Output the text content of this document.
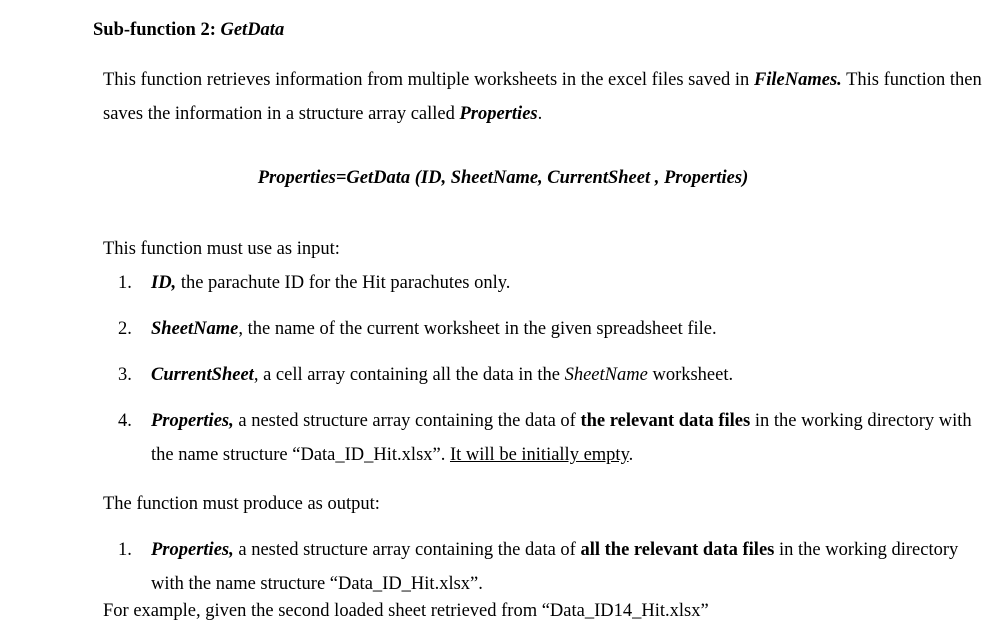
Sub-function 2: GetData
This function retrieves information from multiple worksheets in the excel files saved in FileNames. This function then saves the information in a structure array called Properties.
Properties=GetData (ID, SheetName, CurrentSheet , Properties)
This function must use as input:
1.	ID, the parachute ID for the Hit parachutes only.
2.	SheetName, the name of the current worksheet in the given spreadsheet file.
3.	CurrentSheet, a cell array containing all the data in the SheetName worksheet.
4.	Properties, a nested structure array containing the data of the relevant data files in the working directory with the name structure “Data_ID_Hit.xlsx”. It will be initially empty.
The function must produce as output:
1.	Properties, a nested structure array containing the data of all the relevant data files in the working directory with the name structure “Data_ID_Hit.xlsx”.
For example, given the second loaded sheet retrieved from “Data_ID14_Hit.xlsx”
